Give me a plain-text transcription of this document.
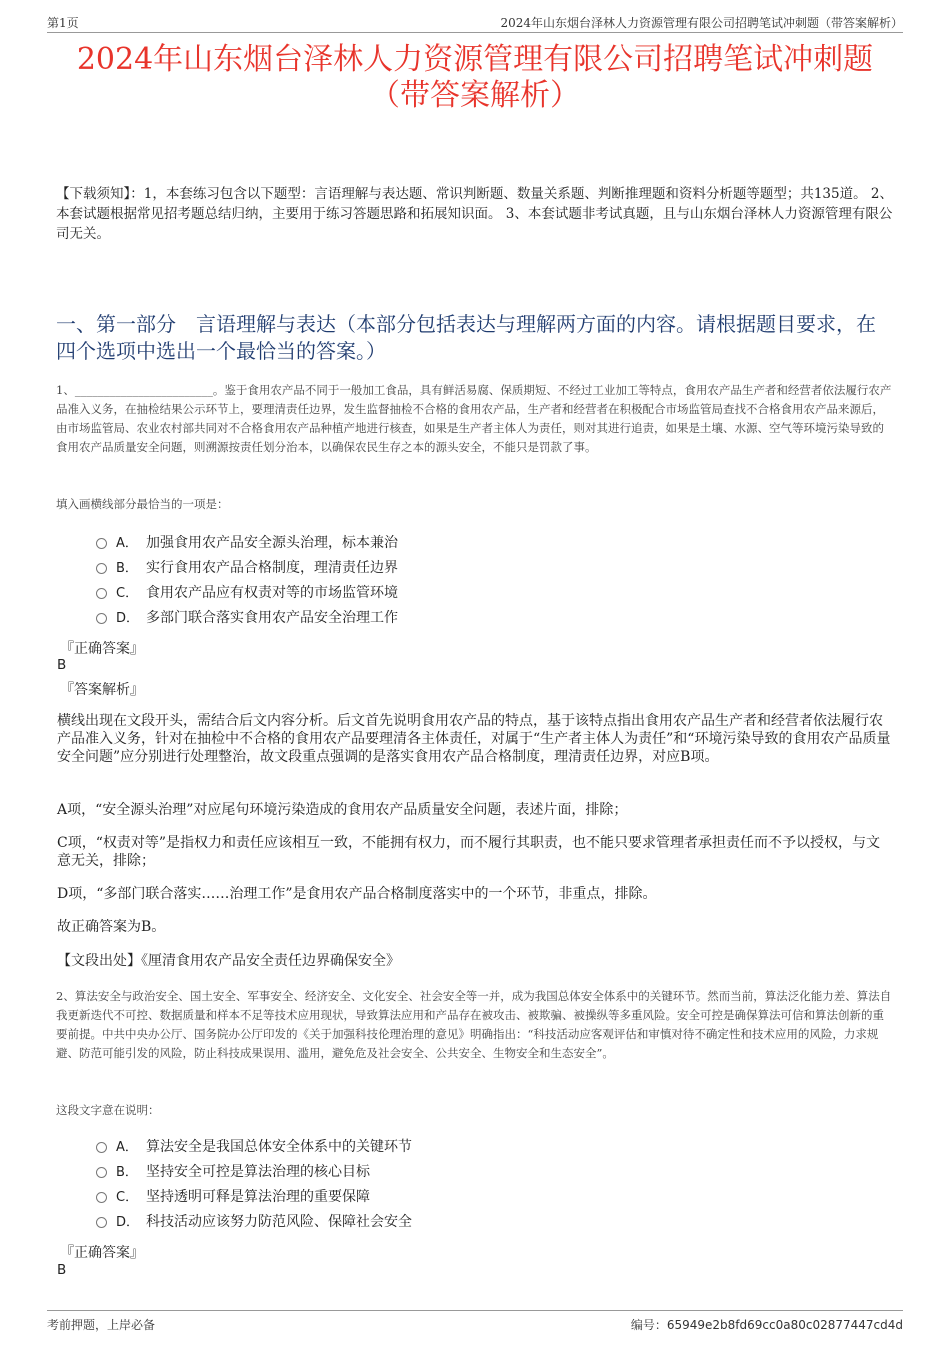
第1页	2024年山东烟台泽林人力资源管理有限公司招聘笔试冲刺题（带答案解析）
2024年山东烟台泽林人力资源管理有限公司招聘笔试冲刺题
（带答案解析）
【下载须知】：1，本套练习包含以下题型：言语理解与表达题、常识判断题、数量关系题、判断推理题和资料分析题等题型；共135道。 2、本套试题根据常见招考题总结归纳，主要用于练习答题思路和拓展知识面。 3、本套试题非考试真题，且与山东烟台泽林人力资源管理有限公司无关。
一、第一部分　言语理解与表达（本部分包括表达与理解两方面的内容。请根据题目要求，在四个选项中选出一个最恰当的答案。）
1、________________________。鉴于食用农产品不同于一般加工食品，具有鲜活易腐、保质期短、不经过工业加工等特点，食用农产品生产者和经营者依法履行农产品准入义务，在抽检结果公示环节上，要理清责任边界，发生监督抽检不合格的食用农产品，生产者和经营者在积极配合市场监管局查找不合格食用农产品来源后，由市场监管局、农业农村部共同对不合格食用农产品种植产地进行核查，如果是生产者主体人为责任，则对其进行追责，如果是土壤、水源、空气等环境污染导致的食用农产品质量安全问题，则溯源按责任划分治本，以确保农民生存之本的源头安全，不能只是罚款了事。
填入画横线部分最恰当的一项是：
A． 加强食用农产品安全源头治理，标本兼治
B． 实行食用农产品合格制度，理清责任边界
C． 食用农产品应有权责对等的市场监管环境
D． 多部门联合落实食用农产品安全治理工作
『正确答案』
B
『答案解析』
横线出现在文段开头，需结合后文内容分析。后文首先说明食用农产品的特点，基于该特点指出食用农产品生产者和经营者依法履行农产品准入义务，针对在抽检中不合格的食用农产品要理清各主体责任，对属于“生产者主体人为责任”和“环境污染导致的食用农产品质量安全问题”应分别进行处理整治，故文段重点强调的是落实食用农产品合格制度，理清责任边界，对应B项。
A项，“安全源头治理”对应尾句环境污染造成的食用农产品质量安全问题，表述片面，排除；
C项，“权责对等”是指权力和责任应该相互一致，不能拥有权力，而不履行其职责，也不能只要求管理者承担责任而不予以授权，与文意无关，排除；
D项，“多部门联合落实……治理工作”是食用农产品合格制度落实中的一个环节，非重点，排除。
故正确答案为B。
【文段出处】《厘清食用农产品安全责任边界确保安全》
2、算法安全与政治安全、国土安全、军事安全、经济安全、文化安全、社会安全等一并，成为我国总体安全体系中的关键环节。然而当前，算法泛化能力差、算法自我更新迭代不可控、数据质量和样本不足等技术应用现状，导致算法应用和产品存在被攻击、被欺骗、被操纵等多重风险。安全可控是确保算法可信和算法创新的重要前提。中共中央办公厅、国务院办公厅印发的《关于加强科技伦理治理的意见》明确指出：“科技活动应客观评估和审慎对待不确定性和技术应用的风险，力求规避、防范可能引发的风险，防止科技成果误用、滥用，避免危及社会安全、公共安全、生物安全和生态安全”。
这段文字意在说明：
A． 算法安全是我国总体安全体系中的关键环节
B． 坚持安全可控是算法治理的核心目标
C． 坚持透明可释是算法治理的重要保障
D． 科技活动应该努力防范风险、保障社会安全
『正确答案』
B
考前押题，上岸必备	编号：65949e2b8fd69cc0a80c02877447cd4d
